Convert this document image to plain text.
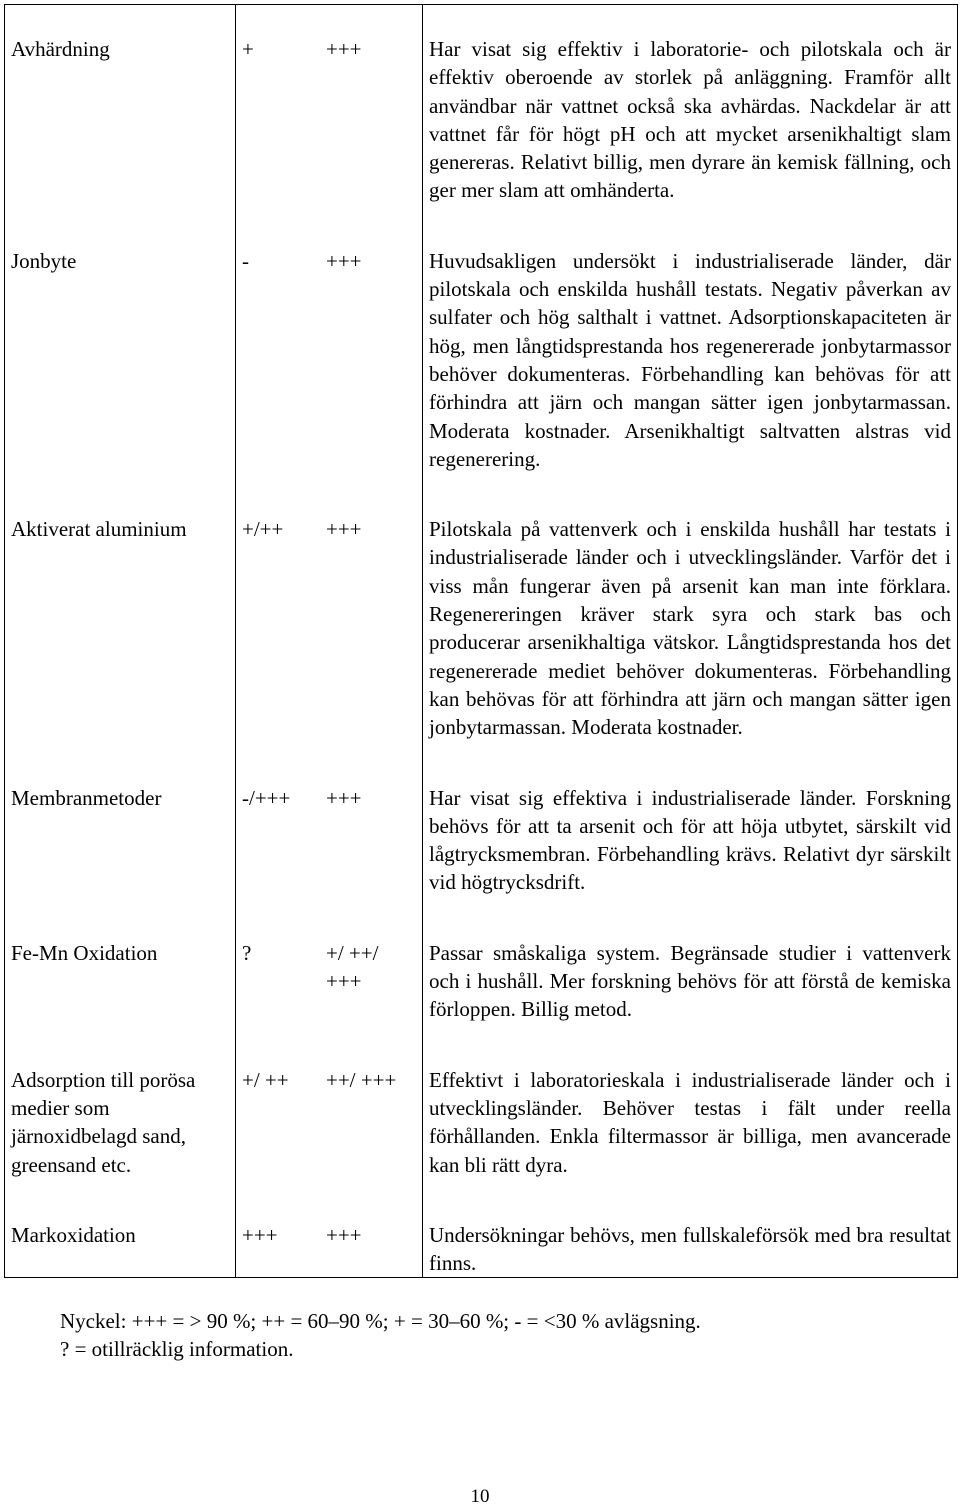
Avhärdning	+	+++	Har visat sig effektiv i laboratorie- och pilotskala och är effektiv oberoende av storlek på anläggning. Framför allt användbar när vattnet också ska avhärdas. Nackdelar är att vattnet får för högt pH och att mycket arsenikhaltigt slam genereras. Relativt billig, men dyrare än kemisk fällning, och ger mer slam att omhänderta.
Jonbyte	-	+++	Huvudsakligen undersökt i industrialiserade länder, där pilotskala och enskilda hushåll testats. Negativ påverkan av sulfater och hög salthalt i vattnet. Adsorptionskapaciteten är hög, men långtidsprestanda hos regenererade jonbytarmassor behöver dokumenteras. Förbehandling kan behövas för att förhindra att järn och mangan sätter igen jonbytarmassan. Moderata kostnader. Arsenikhaltigt saltvatten alstras vid regenerering.
Aktiverat aluminium	+/++	+++	Pilotskala på vattenverk och i enskilda hushåll har testats i industrialiserade länder och i utvecklingsländer. Varför det i viss mån fungerar även på arsenit kan man inte förklara. Regenereringen kräver stark syra och stark bas och producerar arsenikhaltiga vätskor. Långtidsprestanda hos det regenererade mediet behöver dokumenteras. Förbehandling kan behövas för att förhindra att järn och mangan sätter igen jonbytarmassan. Moderata kostnader.
Membranmetoder	-/+++	+++	Har visat sig effektiva i industrialiserade länder. Forskning behövs för att ta arsenit och för att höja utbytet, särskilt vid lågtrycksmembran. Förbehandling krävs. Relativt dyr särskilt vid högtrycksdrift.
Fe-Mn Oxidation	?	+/ ++/ +++	Passar småskaliga system. Begränsade studier i vattenverk och i hushåll. Mer forskning behövs för att förstå de kemiska förloppen. Billig metod.
Adsorption till porösa medier som järnoxidbelagd sand, greensand etc.	+/ ++	++/ +++	Effektivt i laboratorieskala i industrialiserade länder och i utvecklingsländer. Behöver testas i fält under reella förhållanden. Enkla filtermassor är billiga, men avancerade kan bli rätt dyra.
Markoxidation	+++	+++	Undersökningar behövs, men fullskaleförsök med bra resultat finns.
Nyckel: +++ = > 90 %; ++ = 60–90 %; + = 30–60 %; - = <30 % avlägsning.
? = otillräcklig information.
10
